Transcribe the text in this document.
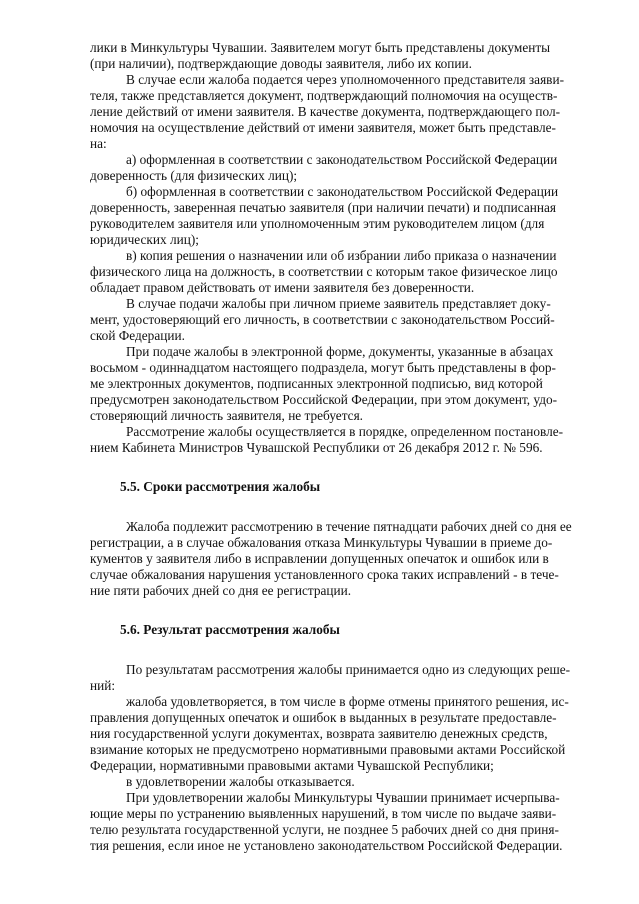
лики в Минкультуры Чувашии. Заявителем могут быть представлены документы
(при наличии), подтверждающие доводы заявителя, либо их копии.

В случае если жалоба подается через уполномоченного представителя заяви-
теля, также представляется документ, подтверждающий полномочия на осуществ-
ление действий от имени заявителя. В качестве документа, подтверждающего пол-
номочия на осуществление действий от имени заявителя, может быть представле-
на:

а) оформленная в соответствии с законодательством Российской Федерации
доверенность (для физических лиц);

б) оформленная в соответствии с законодательством Российской Федерации
доверенность, заверенная печатью заявителя (при наличии печати) и подписанная
руководителем заявителя или уполномоченным этим руководителем лицом (для
юридических лиц);

в) копия решения о назначении или об избрании либо приказа о назначении
физического лица на должность, в соответствии с которым такое физическое лицо
обладает правом действовать от имени заявителя без доверенности.

В случае подачи жалобы при личном приеме заявитель представляет доку-
мент, удостоверяющий его личность, в соответствии с законодательством Россий-
ской Федерации.

При подаче жалобы в электронной форме, документы, указанные в абзацах
восьмом - одиннадцатом настоящего подраздела, могут быть представлены в фор-
ме электронных документов, подписанных электронной подписью, вид которой
предусмотрен законодательством Российской Федерации, при этом документ, удо-
стоверяющий личность заявителя, не требуется.

Рассмотрение жалобы осуществляется в порядке, определенном постановле-
нием Кабинета Министров Чувашской Республики от 26 декабря 2012 г. № 596.

5.5. Сроки рассмотрения жалобы

Жалоба подлежит рассмотрению в течение пятнадцати рабочих дней со дня ее
регистрации, а в случае обжалования отказа Минкультуры Чувашии в приеме до-
кументов у заявителя либо в исправлении допущенных опечаток и ошибок или в
случае обжалования нарушения установленного срока таких исправлений - в тече-
ние пяти рабочих дней со дня ее регистрации.

5.6. Результат рассмотрения жалобы

По результатам рассмотрения жалобы принимается одно из следующих реше-
ний:

жалоба удовлетворяется, в том числе в форме отмены принятого решения, ис-
правления допущенных опечаток и ошибок в выданных в результате предоставле-
ния государственной услуги документах, возврата заявителю денежных средств,
взимание которых не предусмотрено нормативными правовыми актами Российской
Федерации, нормативными правовыми актами Чувашской Республики;

в удовлетворении жалобы отказывается.

При удовлетворении жалобы Минкультуры Чувашии принимает исчерпыва-
ющие меры по устранению выявленных нарушений, в том числе по выдаче заяви-
телю результата государственной услуги, не позднее 5 рабочих дней со дня приня-
тия решения, если иное не установлено законодательством Российской Федерации.
